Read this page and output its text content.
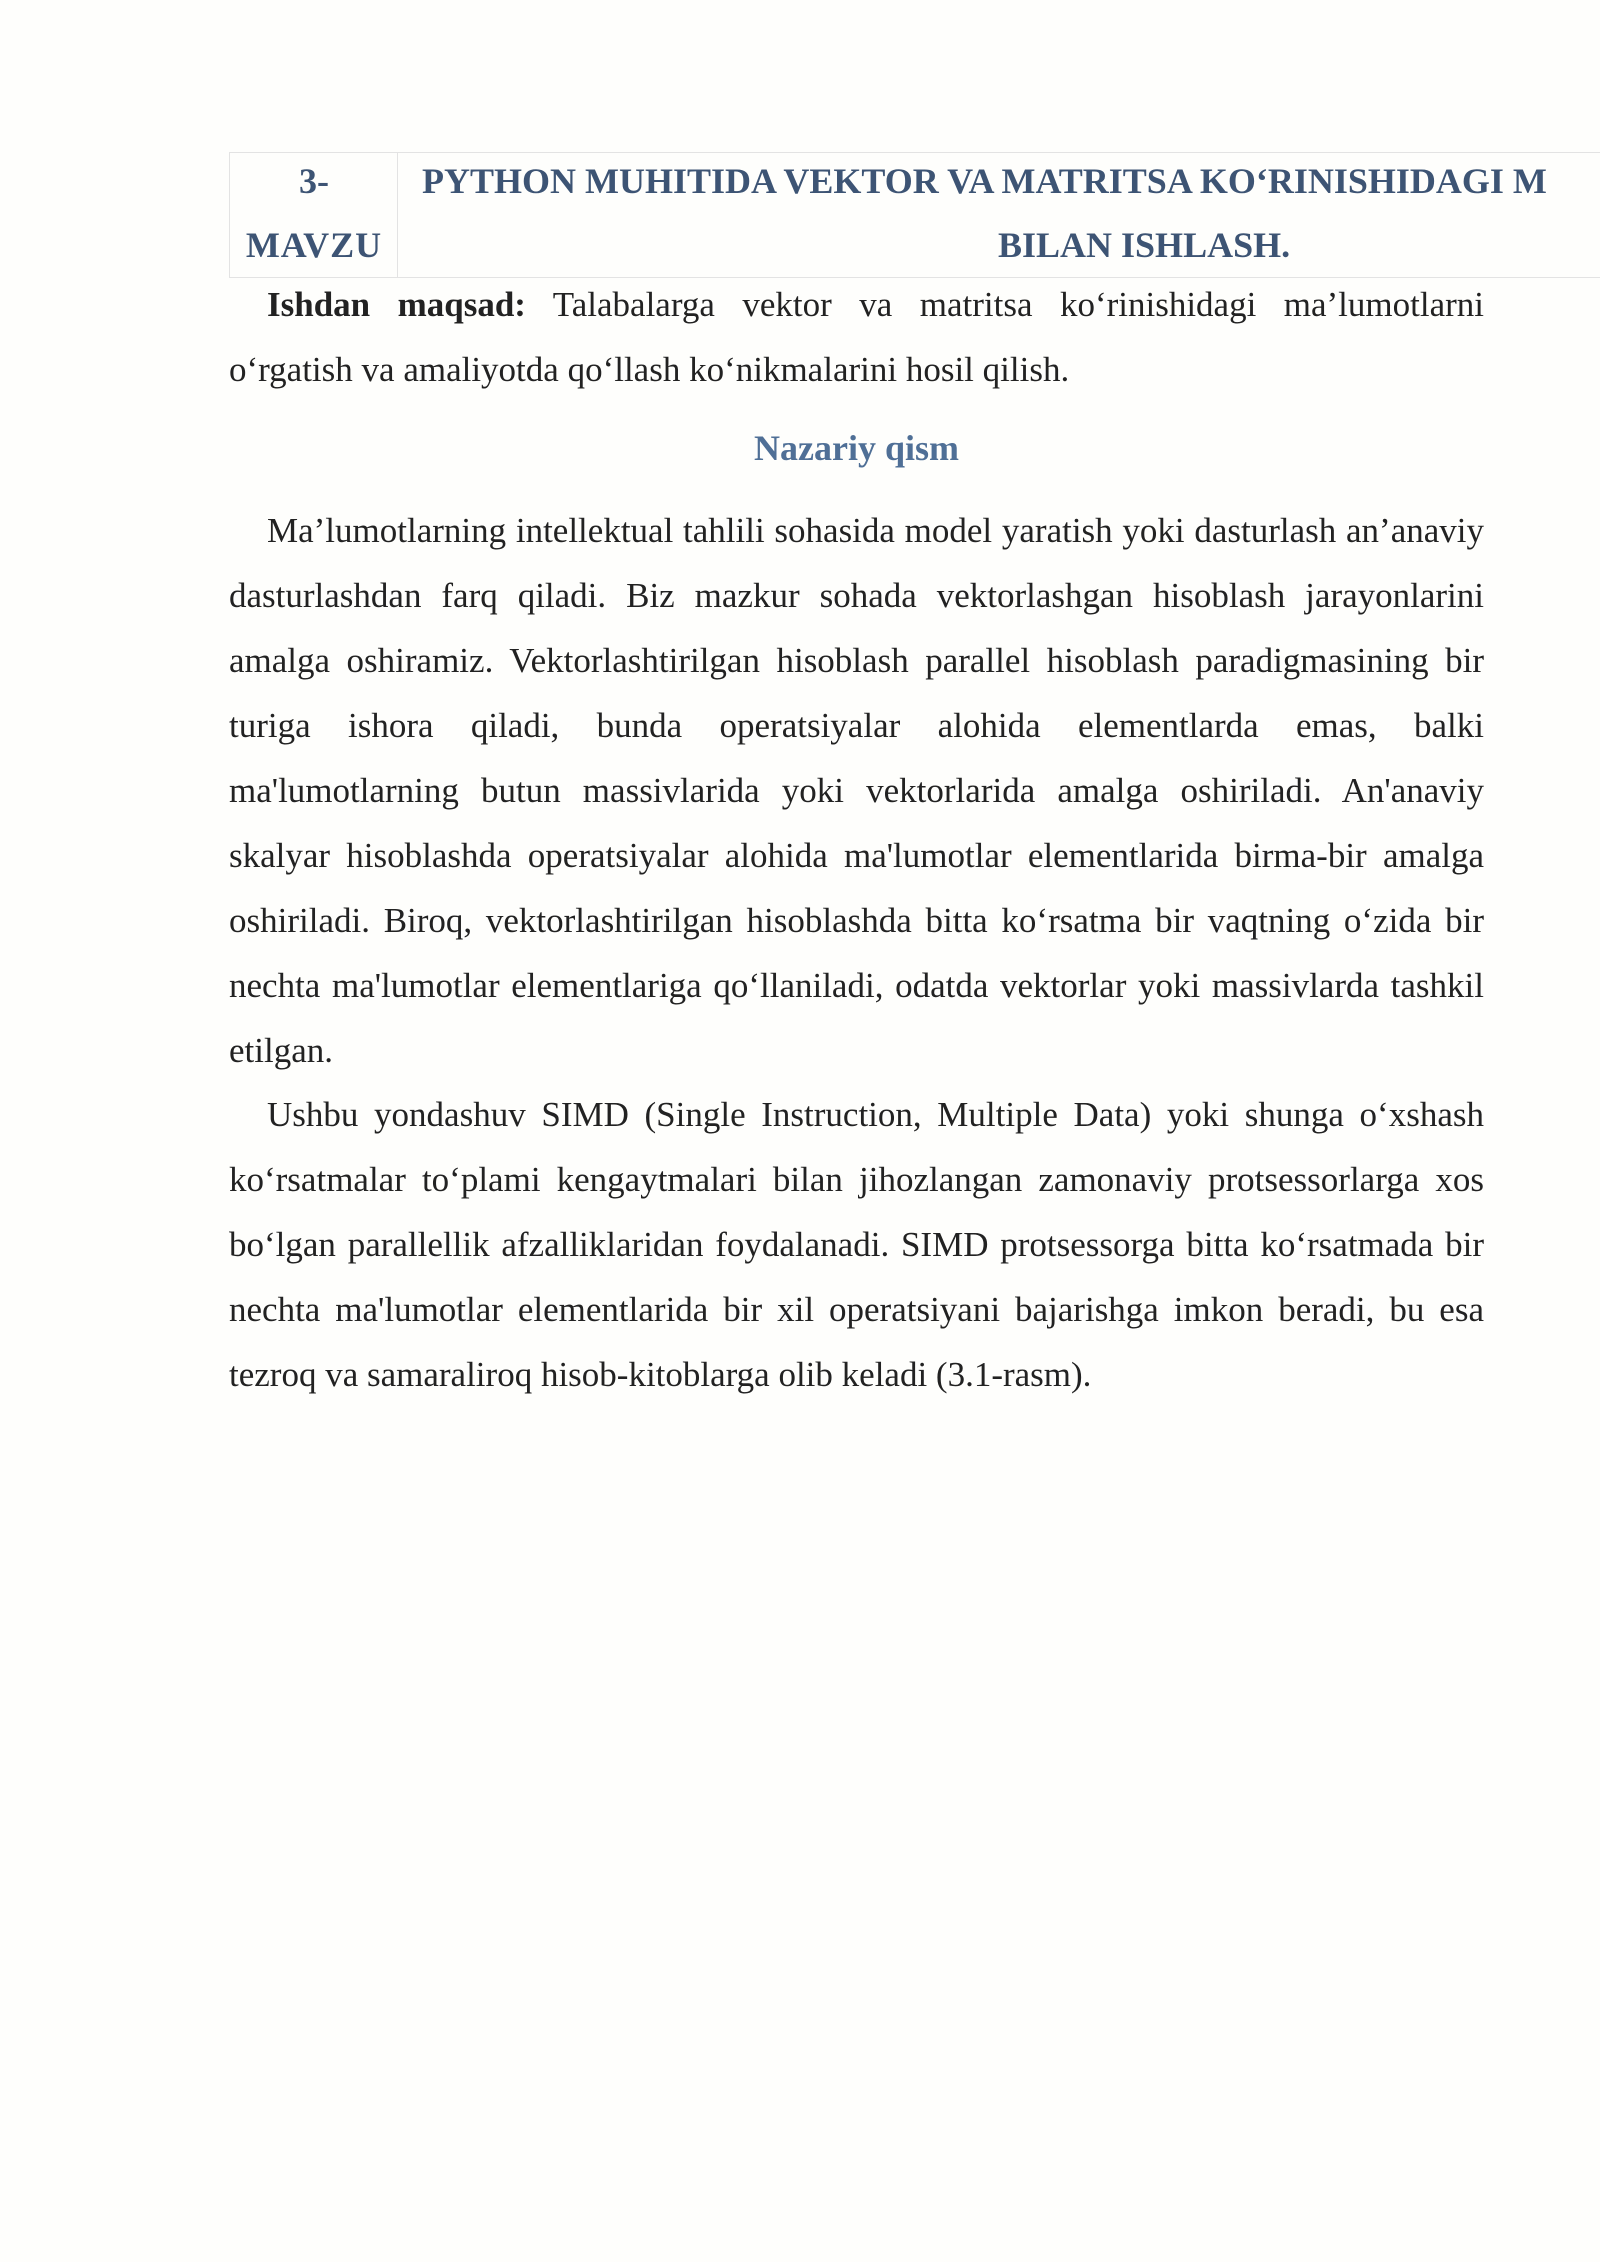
3-
MAVZU
PYTHON MUHITIDA VEKTOR VA MATRITSA KO‘RINISHIDAGI M
BILAN ISHLASH.

Ishdan maqsad: Talabalarga vektor va matritsa ko‘rinishidagi ma’lumotlarni o‘rgatish va amaliyotda qo‘llash ko‘nikmalarini hosil qilish.

Nazariy qism

Ma’lumotlarning intellektual tahlili sohasida model yaratish yoki dasturlash an’anaviy dasturlashdan farq qiladi. Biz mazkur sohada vektorlashgan hisoblash jarayonlarini amalga oshiramiz. Vektorlashtirilgan hisoblash parallel hisoblash paradigmasining bir turiga ishora qiladi, bunda operatsiyalar alohida elementlarda emas, balki ma'lumotlarning butun massivlarida yoki vektorlarida amalga oshiriladi. An'anaviy skalyar hisoblashda operatsiyalar alohida ma'lumotlar elementlarida birma-bir amalga oshiriladi. Biroq, vektorlashtirilgan hisoblashda bitta ko‘rsatma bir vaqtning o‘zida bir nechta ma'lumotlar elementlariga qo‘llaniladi, odatda vektorlar yoki massivlarda tashkil etilgan.

Ushbu yondashuv SIMD (Single Instruction, Multiple Data) yoki shunga o‘xshash ko‘rsatmalar to‘plami kengaytmalari bilan jihozlangan zamonaviy protsessorlarga xos bo‘lgan parallellik afzalliklaridan foydalanadi. SIMD protsessorga bitta ko‘rsatmada bir nechta ma'lumotlar elementlarida bir xil operatsiyani bajarishga imkon beradi, bu esa tezroq va samaraliroq hisob-kitoblarga olib keladi (3.1-rasm).
